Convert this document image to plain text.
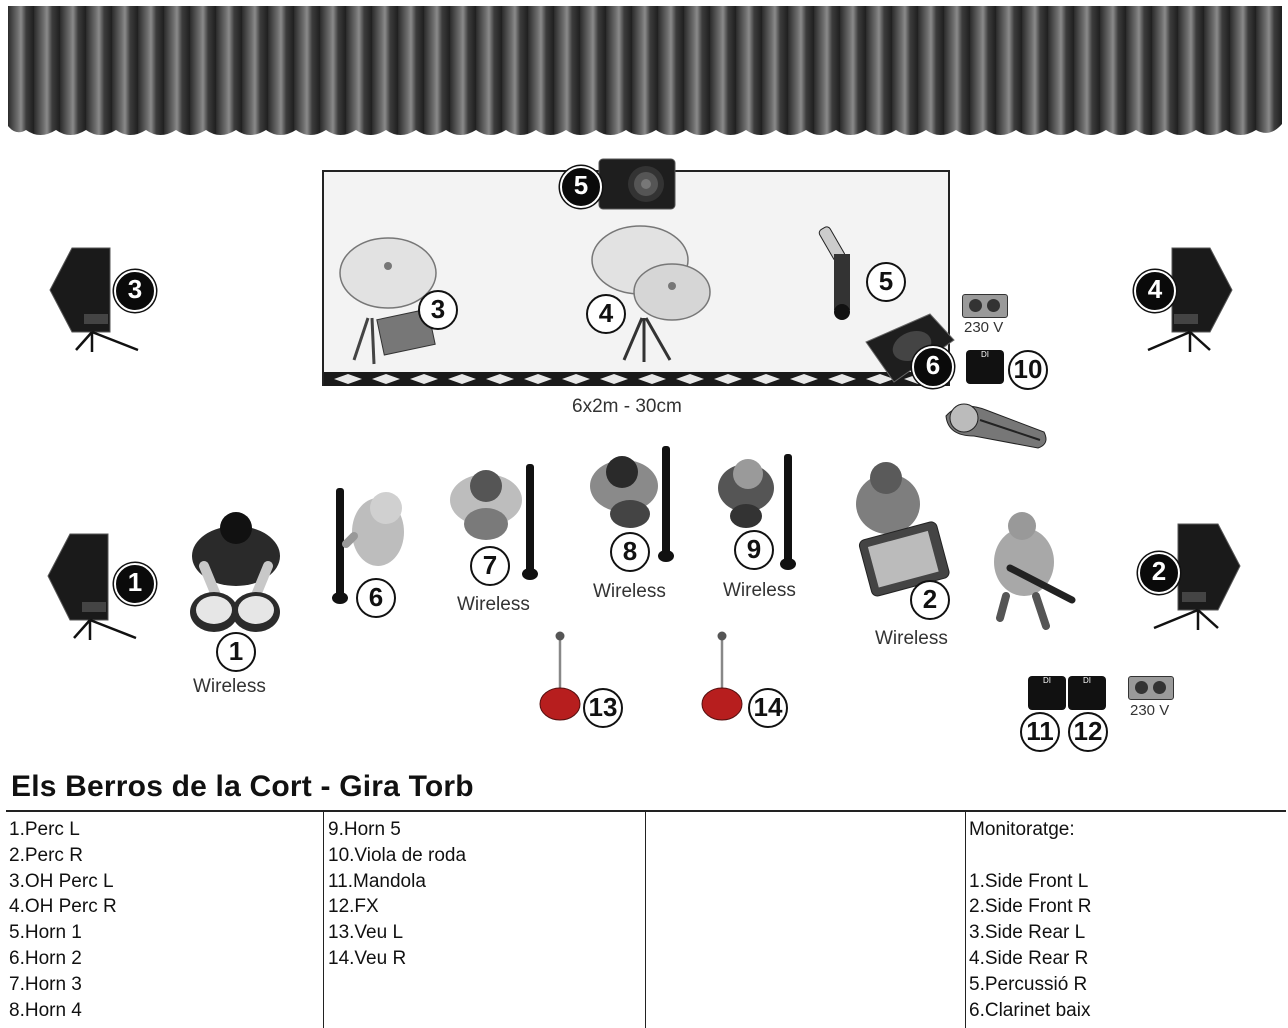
6x2m - 30cm
5
3	4
5
230 V
6	DI 10
3	4
1	2
1
Wireless
6
7
Wireless
8
Wireless
9
Wireless	2
Wireless
13	14
DI	DI
11 12
230 V
Els Berros de la Cort - Gira Torb
1.Perc L
2.Perc R
3.OH Perc L
4.OH Perc R
5.Horn 1
6.Horn 2
7.Horn 3
8.Horn 4
9.Horn 5
10.Viola de roda
11.Mandola
12.FX
13.Veu L
14.Veu R
Monitoratge:
1.Side Front L
2.Side Front R
3.Side Rear L
4.Side Rear R
5.Percussió R
6.Clarinet baix
